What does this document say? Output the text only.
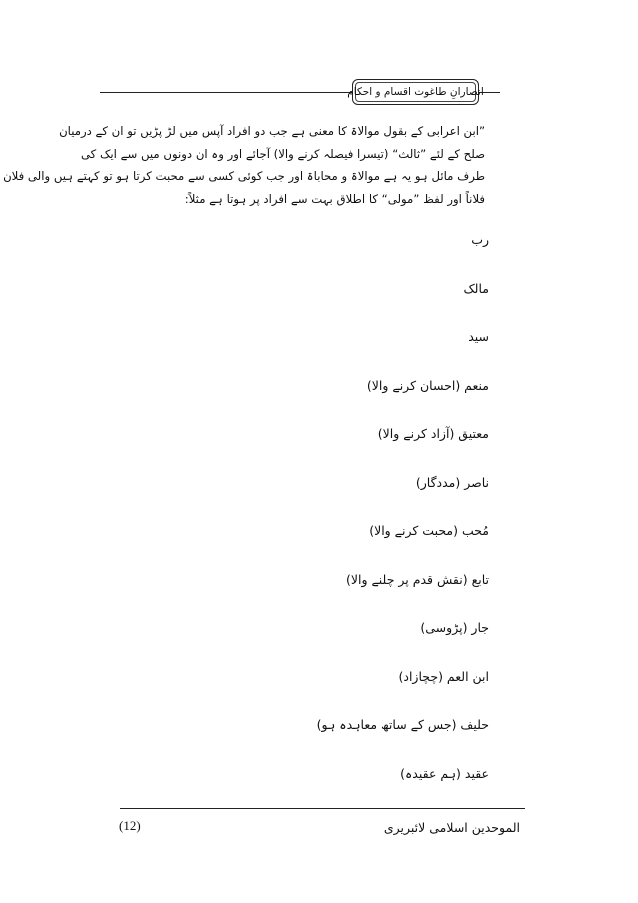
انصارانِ طاغوت اقسام و احکام

”ابن اعرابی کے بقول موالاۃ کا معنی ہے جب دو افراد آپس میں لڑ پڑیں تو ان کے درمیان

صلح کے لئے ”ثالث“ (تیسرا فیصلہ کرنے والا) آجائے اور وہ ان دونوں میں سے ایک کی

طرف مائل ہو یہ ہے موالاۃ و محاباۃ اور جب کوئی کسی سے محبت کرتا ہو تو کہتے ہیں والی فلان

فلاناً اور لفظ ”مولی“ کا اطلاق بہت سے افراد پر ہوتا ہے مثلاً:

رب
مالک
سید
منعم (احسان کرنے والا)
معتیق (آزاد کرنے والا)
ناصر (مددگار)
مُحب (محبت کرنے والا)
تابع (نقش قدم پر چلنے والا)
جار (پڑوسی)
ابن العم (چچازاد)
حلیف (جس کے ساتھ معاہدہ ہو)
عقید (ہم عقیدہ)
(12)	الموحدین اسلامی لائبریری
